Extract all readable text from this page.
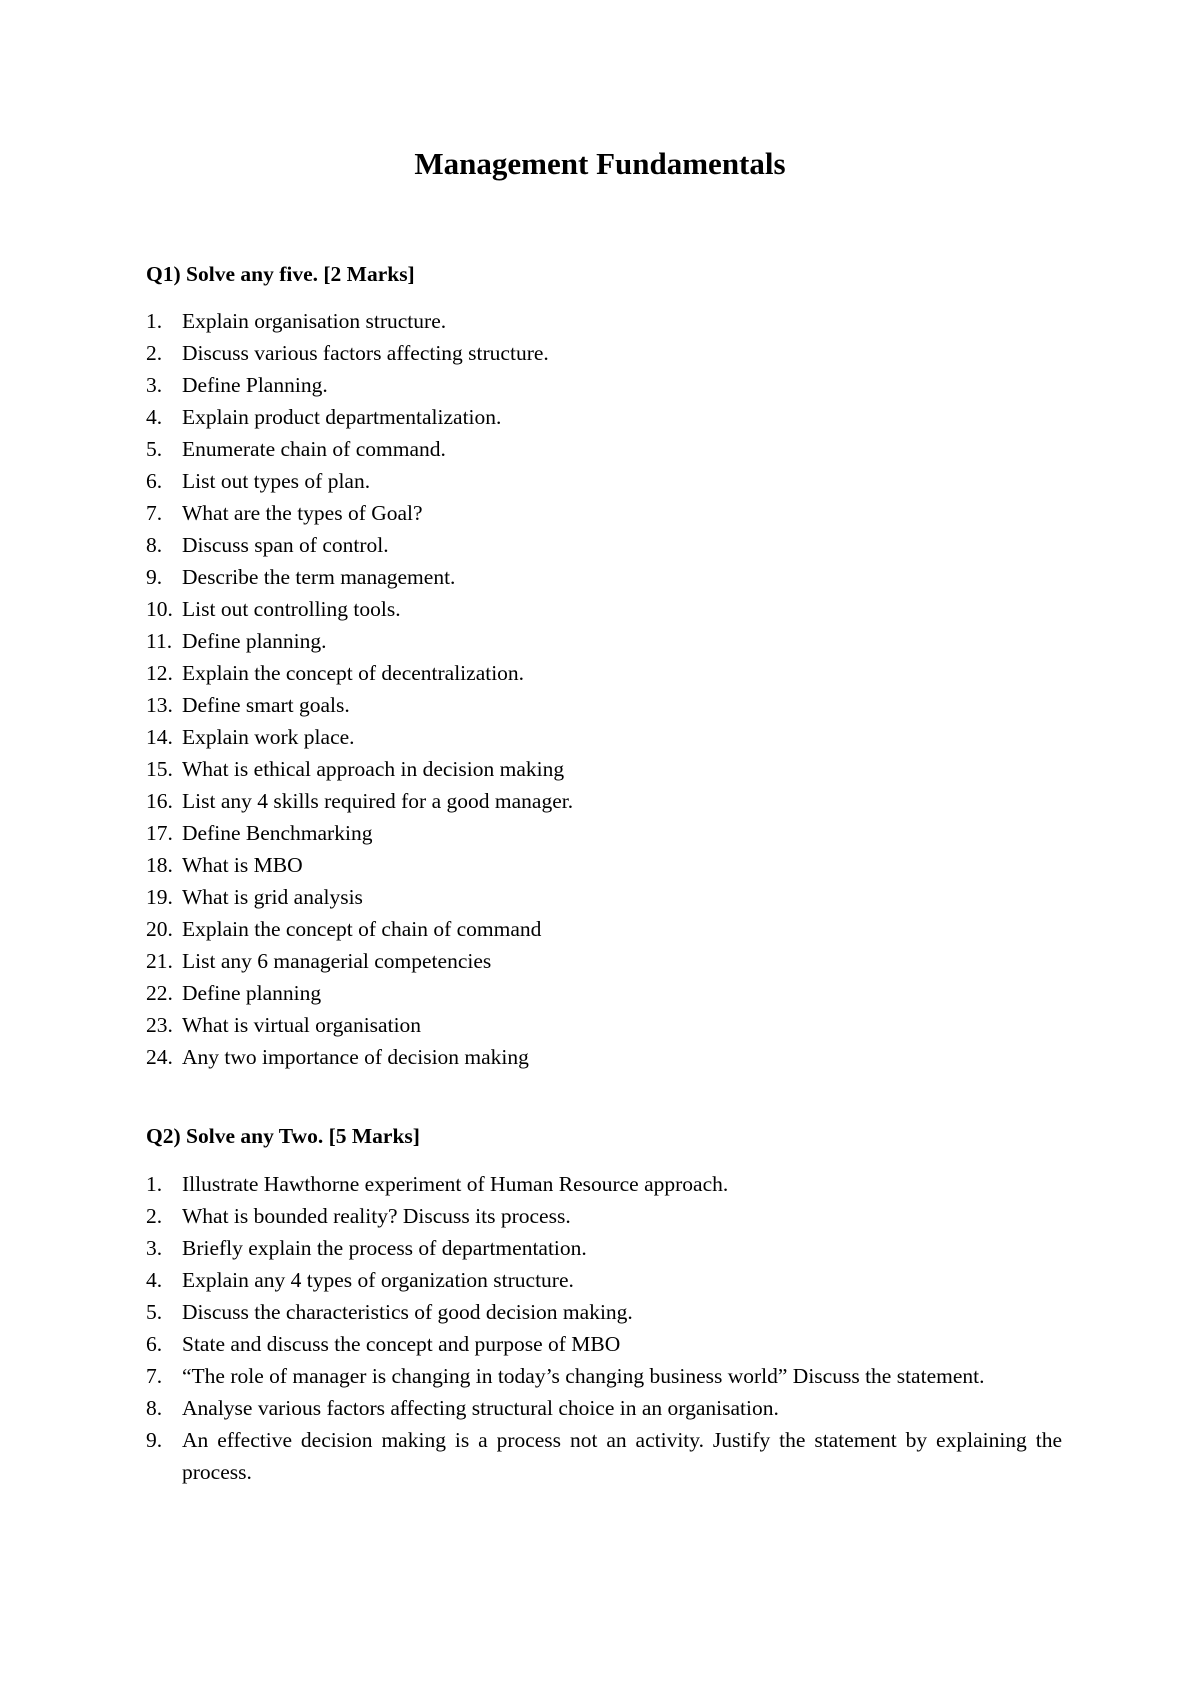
Management Fundamentals
Q1) Solve any five. [2 Marks]
1. Explain organisation structure.
2. Discuss various factors affecting structure.
3. Define Planning.
4. Explain product departmentalization.
5. Enumerate chain of command.
6. List out types of plan.
7. What are the types of Goal?
8. Discuss span of control.
9. Describe the term management.
10. List out controlling tools.
11. Define planning.
12. Explain the concept of decentralization.
13. Define smart goals.
14. Explain work place.
15. What is ethical approach in decision making
16. List any 4 skills required for a good manager.
17. Define Benchmarking
18. What is MBO
19. What is grid analysis
20. Explain the concept of chain of command
21. List any 6 managerial competencies
22. Define planning
23. What is virtual organisation
24. Any two importance of decision making
Q2) Solve any Two. [5 Marks]
1. Illustrate Hawthorne experiment of Human Resource approach.
2. What is bounded reality? Discuss its process.
3. Briefly explain the process of departmentation.
4. Explain any 4 types of organization structure.
5. Discuss the characteristics of good decision making.
6. State and discuss the concept and purpose of MBO
7. “The role of manager is changing in today’s changing business world” Discuss the statement.
8. Analyse various factors affecting structural choice in an organisation.
9. An effective decision making is a process not an activity. Justify the statement by explaining the process.
